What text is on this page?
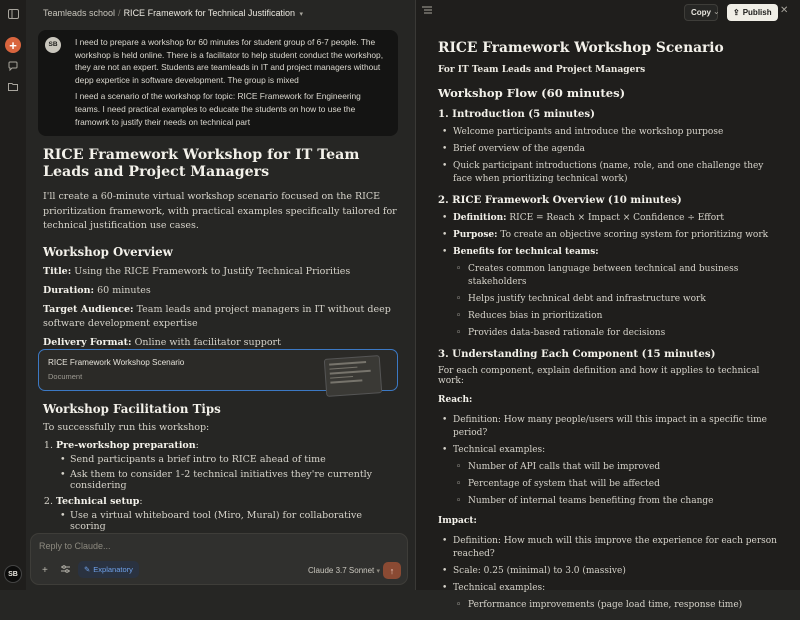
+
SB
Teamleads school / RICE Framework for Technical Justification ▾
SB	I need to prepare a workshop for 60 minutes for student group of 6-7 people. The workshop is held online. There is a facilitator to help student conduct the workshop, they are not an expert. Students are teamleads in IT and project managers without depp expertice in software development. The group is mixed

I need a scenario of the workshop for topic: RICE Framework for Engineering teams. I need practical examples to educate the students on how to use the framowrk to justify their needs on technical part

RICE Framework Workshop for IT Team Leads and Project Managers

I'll create a 60-minute virtual workshop scenario focused on the RICE prioritization framework, with practical examples specifically tailored for technical justification use cases.

Workshop Overview
Title: Using the RICE Framework to Justify Technical Priorities
Duration: 60 minutes
Target Audience: Team leads and project managers in IT without deep software development expertise
Delivery Format: Online with facilitator support
RICE Framework Workshop Scenario
Document
Workshop Facilitation Tips

To successfully run this workshop:

1. Pre-workshop preparation:
• Send participants a brief intro to RICE ahead of time
• Ask them to consider 1-2 technical initiatives they're currently considering
2. Technical setup:
• Use a virtual whiteboard tool (Miro, Mural) for collaborative scoring
•
Reply to Claude...
+	✎ Explanatory	Claude 3.7 Sonnet ▾ ↑
Copy ⌄ ⇪ Publish ✕
RICE Framework Workshop Scenario
For IT Team Leads and Project Managers
Workshop Flow (60 minutes)
1. Introduction (5 minutes)
• Welcome participants and introduce the workshop purpose
• Brief overview of the agenda
• Quick participant introductions (name, role, and one challenge they face when prioritizing technical work)
2. RICE Framework Overview (10 minutes)
• Definition: RICE = Reach × Impact × Confidence ÷ Effort
• Purpose: To create an objective scoring system for prioritizing work
• Benefits for technical teams:
◦ Creates common language between technical and business stakeholders
◦ Helps justify technical debt and infrastructure work
◦ Reduces bias in prioritization
◦ Provides data-based rationale for decisions
3. Understanding Each Component (15 minutes)

For each component, explain definition and how it applies to technical work:

Reach:
• Definition: How many people/users will this impact in a specific time period?
• Technical examples:
◦ Number of API calls that will be improved
◦ Percentage of system that will be affected
◦ Number of internal teams benefiting from the change
Impact:
• Definition: How much will this improve the experience for each person reached?
• Scale: 0.25 (minimal) to 3.0 (massive)
• Technical examples:
◦ Performance improvements (page load time, response time)
